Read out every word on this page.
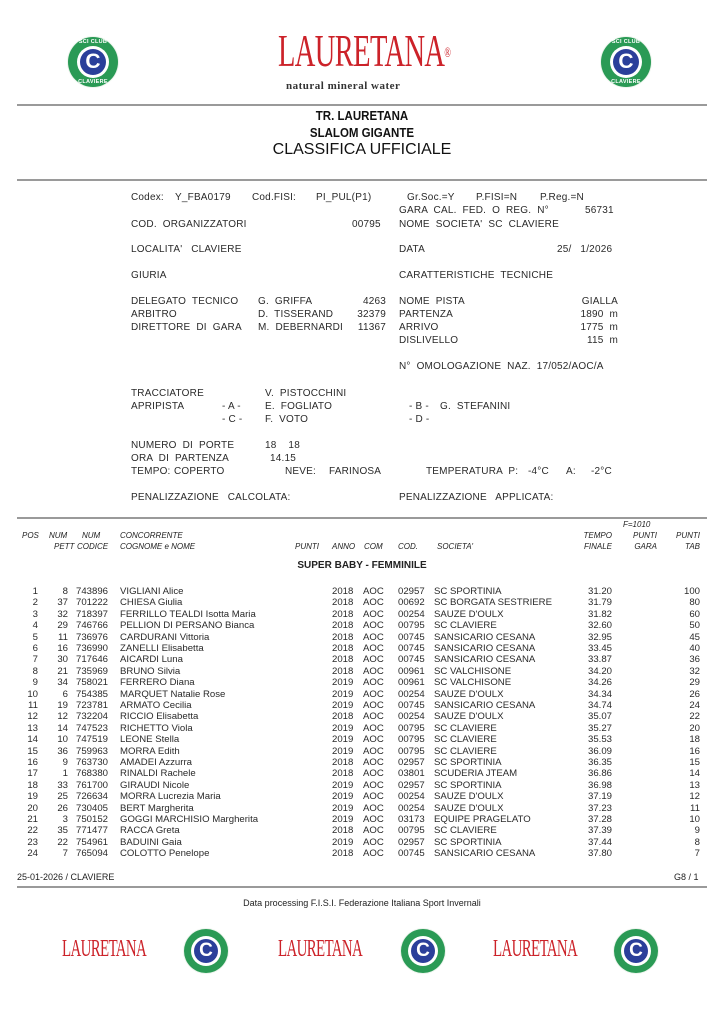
SCI CLUB
C
CLAVIERE
LAURETANA®
natural mineral water
SCI CLUB
C
CLAVIERE
TR. LAURETANA
SLALOM GIGANTE
CLASSIFICA UFFICIALE
Codex: Y_FBA0179 Cod.FISI: PI_PUL(P1)	Gr.Soc.=Y P.FISI=N P.Reg.=N
GARA  CAL.  FED.  O  REG.  N°	56731
COD.  ORGANIZZATORI	00795 NOME  SOCIETA'  SC  CLAVIERE
LOCALITA'   CLAVIERE	DATA	25/   1/2026
GIURIA	CARATTERISTICHE  TECNICHE
DELEGATO  TECNICO G.  GRIFFA	4263
ARBITRO	D.  TISSERAND	32379
DIRETTORE  DI  GARA M.  DEBERNARDI	11367
NOME  PISTA	GIALLA
PARTENZA	1890  m
ARRIVO	1775  m
DISLIVELLO	115  m
N°  OMOLOGAZIONE  NAZ.  17/052/AOC/A
TRACCIATORE	V.  PISTOCCHINI
APRIPISTA	- A - E.  FOGLIATO	- B - G.  STEFANINI
- C - F.  VOTO	- D -
NUMERO  DI  PORTE	18    18
ORA  DI  PARTENZA	14.15
TEMPO: COPERTO	NEVE: FARINOSA	TEMPERATURA  P: -4°C A: -2°C
PENALIZZAZIONE   CALCOLATA:	PENALIZZAZIONE   APPLICATA:
F=1010
POS NUM
PETT
NUM
CODICE
CONCORRENTE
COGNOME e NOME	PUNTI ANNO COM COD. SOCIETA'
TEMPO
FINALE
PUNTI
GARA
PUNTI
TAB
SUPER BABY - FEMMINILE
1	8 743896	VIGLIANI Alice	2018	AOC	02957 SC SPORTINIA	31.20	100
2	37 701222	CHIESA Giulia	2018	AOC	00692 SC BORGATA SESTRIERE	31.79	80
3	32 718397	FERRILLO TEALDI Isotta Maria	2018	AOC	00254 SAUZE D'OULX	31.82	60
4	29 746766	PELLION DI PERSANO Bianca	2018	AOC	00795 SC CLAVIERE	32.60	50
5	11 736976	CARDURANI Vittoria	2018	AOC	00745 SANSICARIO CESANA	32.95	45
6	16 736990	ZANELLI Elisabetta	2018	AOC	00745 SANSICARIO CESANA	33.45	40
7	30 717646	AICARDI Luna	2018	AOC	00745 SANSICARIO CESANA	33.87	36
8	21 735969	BRUNO Silvia	2018	AOC	00961 SC VALCHISONE	34.20	32
9	34 758021	FERRERO Diana	2019	AOC	00961 SC VALCHISONE	34.26	29
10	6 754385	MARQUET Natalie Rose	2019	AOC	00254 SAUZE D'OULX	34.34	26
11	19 723781	ARMATO Cecilia	2019	AOC	00745 SANSICARIO CESANA	34.74	24
12	12 732204	RICCIO Elisabetta	2018	AOC	00254 SAUZE D'OULX	35.07	22
13	14 747523	RICHETTO Viola	2019	AOC	00795 SC CLAVIERE	35.27	20
14	10 747519	LEONE Stella	2019	AOC	00795 SC CLAVIERE	35.53	18
15	36 759963	MORRA Edith	2019	AOC	00795 SC CLAVIERE	36.09	16
16	9 763730	AMADEI Azzurra	2018	AOC	02957 SC SPORTINIA	36.35	15
17	1 768380	RINALDI Rachele	2018	AOC	03801 SCUDERIA JTEAM	36.86	14
18	33 761700	GIRAUDI Nicole	2019	AOC	02957 SC SPORTINIA	36.98	13
19	25 726634	MORRA Lucrezia Maria	2019	AOC	00254 SAUZE D'OULX	37.19	12
20	26 730405	BERT Margherita	2019	AOC	00254 SAUZE D'OULX	37.23	11
21	3 750152	GOGGI MARCHISIO Margherita	2019	AOC	03173 EQUIPE PRAGELATO	37.28	10
22	35 771477	RACCA Greta	2018	AOC	00795 SC CLAVIERE	37.39	9
23	22 754961	BADUINI Gaia	2019	AOC	02957 SC SPORTINIA	37.44	8
24	7 765094	COLOTTO Penelope	2018	AOC	00745 SANSICARIO CESANA	37.80	7
25-01-2026 / CLAVIERE	G8 / 1
Data processing F.I.S.I. Federazione Italiana Sport Invernali
LAURETANA	C	LAURETANA	C	LAURETANA	C
